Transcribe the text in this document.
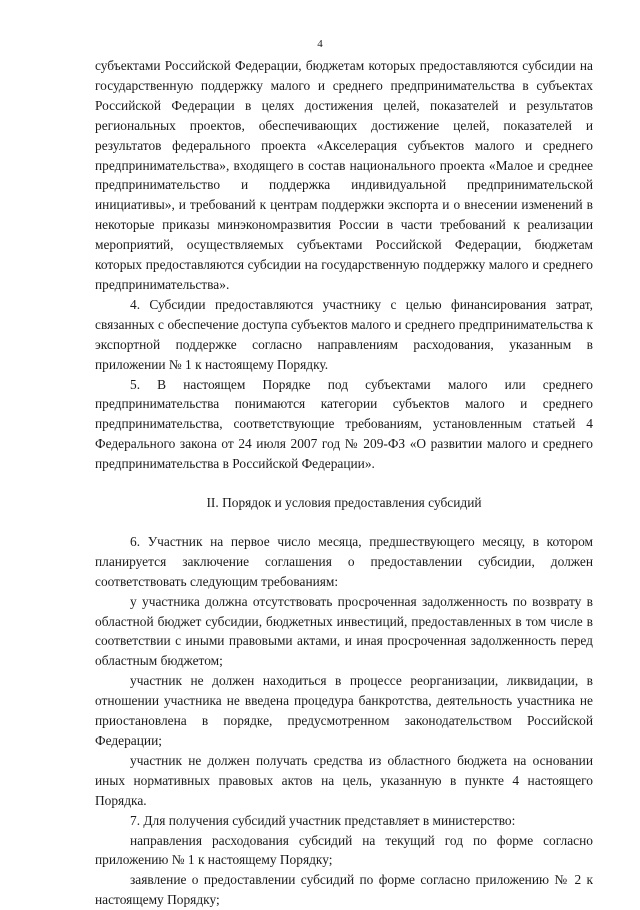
4

субъектами Российской Федерации, бюджетам которых предоставляются субсидии на государственную поддержку малого и среднего предпринимательства в субъектах Российской Федерации в целях достижения целей, показателей и результатов региональных проектов, обеспечивающих достижение целей, показателей и результатов федерального проекта «Акселерация субъектов малого и среднего предпринимательства», входящего в состав национального проекта «Малое и среднее предпринимательство и поддержка индивидуальной предпринимательской инициативы», и требований к центрам поддержки экспорта и о внесении изменений в некоторые приказы минэкономразвития России в части требований к реализации мероприятий, осуществляемых субъектами Российской Федерации, бюджетам которых предоставляются субсидии на государственную поддержку малого и среднего предпринимательства».

4. Субсидии предоставляются участнику с целью финансирования затрат, связанных с обеспечение доступа субъектов малого и среднего предпринимательства к экспортной поддержке согласно направлениям расходования, указанным в приложении № 1 к настоящему Порядку.

5. В настоящем Порядке под субъектами малого или среднего предпринимательства понимаются категории субъектов малого и среднего предпринимательства, соответствующие требованиям, установленным статьей 4 Федерального закона от 24 июля 2007 год № 209-ФЗ «О развитии малого и среднего предпринимательства в Российской Федерации».

II. Порядок и условия предоставления субсидий

6. Участник на первое число месяца, предшествующего месяцу, в котором планируется заключение соглашения о предоставлении субсидии, должен соответствовать следующим требованиям:

у участника должна отсутствовать просроченная задолженность по возврату в областной бюджет субсидии, бюджетных инвестиций, предоставленных в том числе в соответствии с иными правовыми актами, и иная просроченная задолженность перед областным бюджетом;

участник не должен находиться в процессе реорганизации, ликвидации, в отношении участника не введена процедура банкротства, деятельность участника не приостановлена в порядке, предусмотренном законодательством Российской Федерации;

участник не должен получать средства из областного бюджета на основании иных нормативных правовых актов на цель, указанную в пункте 4 настоящего Порядка.

7. Для получения субсидий участник представляет в министерство:

направления расходования субсидий на текущий год по форме согласно приложению № 1 к настоящему Порядку;

заявление о предоставлении субсидий по форме согласно приложению № 2 к настоящему Порядку;
